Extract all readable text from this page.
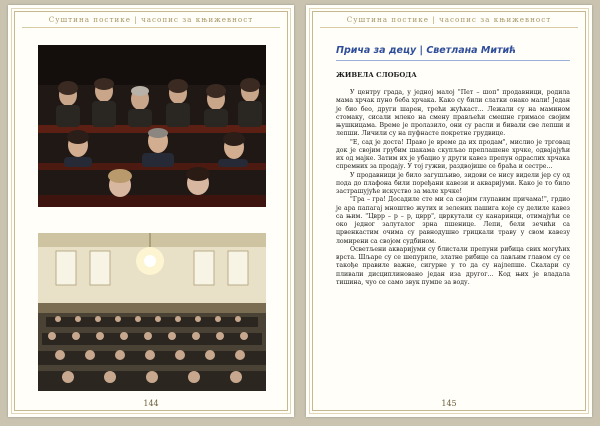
Суштина постике | часопис за књижевност
144
Суштина постике | часопис за књижевност
Прича за децу | Светлана Митић
ЖИВЕЛА СЛОБОДА

У центру града, у једној малој "Пет – шоп" продавници, родила мама хрчак пуно беба хрчака. Како су били слатки онако мали! Један је био беo, други шарен, трећи жућкаст... Лежали су на маминoм стомаку, сисали млеко на смену прављећи смешне гримасе својим њушкицама. Време је пролазило, они су расли и бивали све лепши и лепши. Личили су на пуфнасте покретне грудвице.

"Е, сад је доста! Право је време да их продам", мислио је трговац док је својим грубим шакама скупљао преплашене хрчке, одвајајући их од мајке. Затим их је убацио у други кавез препун одраслих хрчака спремних за продају. У тој гужви, раздвојише се браћа и сестре...

У продавници је било загушљиво, зидови се нису видели јер су од пода до плафона били поређани кавези и акваријуми. Како је то било застрашујуће искуство за мале хрчке!

"Гра – гра! Досадиле сте ми са својим глупавим причама!", грдио је ара папагај мноштво жутих и зелених пашига које су делиле кавез са њим. "Цврр – р – р, цврр", цвркутали су канаринци, отимајући се око једног залуталог зрна пшенице. Лепи, бели зечићи са црвенкастим очима су равнодушно грицкали траву у свом кавезу ломирени са својом судбином.

Осветљени акваријуми су блистали препуни рибица свих могућих врста. Шљаре су се шепуриле, златне рибице са лављим главом су се такође правиле важне, сигурне у то да су најлепше. Скалари су пливали дисциплиновано један иза другог... Код њих је владала тишина, чуо се само звук пумпе за воду.

145
